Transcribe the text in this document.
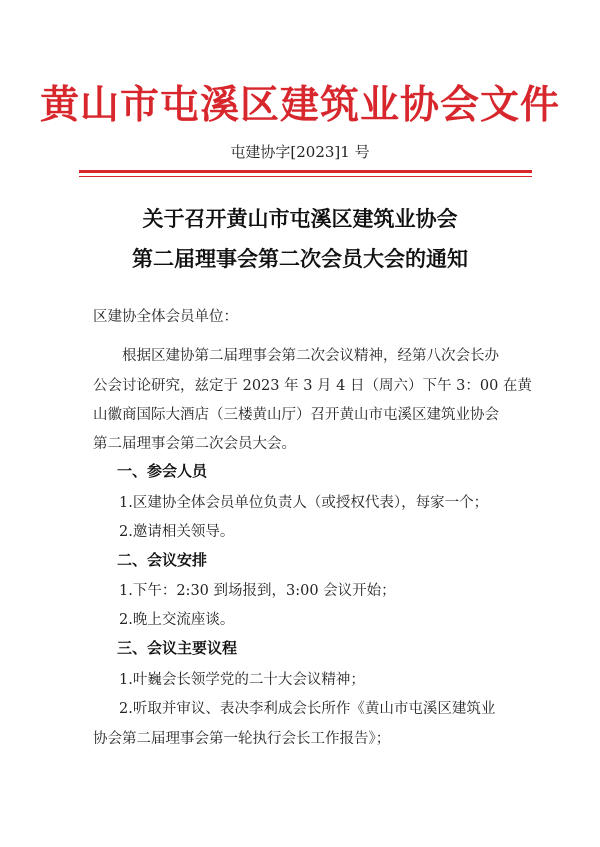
黄山市屯溪区建筑业协会文件
屯建协字[2023]1 号
关于召开黄山市屯溪区建筑业协会
第二届理事会第二次会员大会的通知
区建协全体会员单位：
根据区建协第二届理事会第二次会议精神，经第八次会长办
公会讨论研究，兹定于 2023 年 3 月 4 日（周六）下午 3：00 在黄
山徽商国际大酒店（三楼黄山厅）召开黄山市屯溪区建筑业协会
第二届理事会第二次会员大会。
一、参会人员
1.区建协全体会员单位负责人（或授权代表），每家一个；
2.邀请相关领导。
二、会议安排
1.下午：2:30 到场报到，3:00 会议开始；
2.晚上交流座谈。
三、会议主要议程
1.叶巍会长领学党的二十大会议精神；
2.听取并审议、表决李利成会长所作《黄山市屯溪区建筑业
协会第二届理事会第一轮执行会长工作报告》；
